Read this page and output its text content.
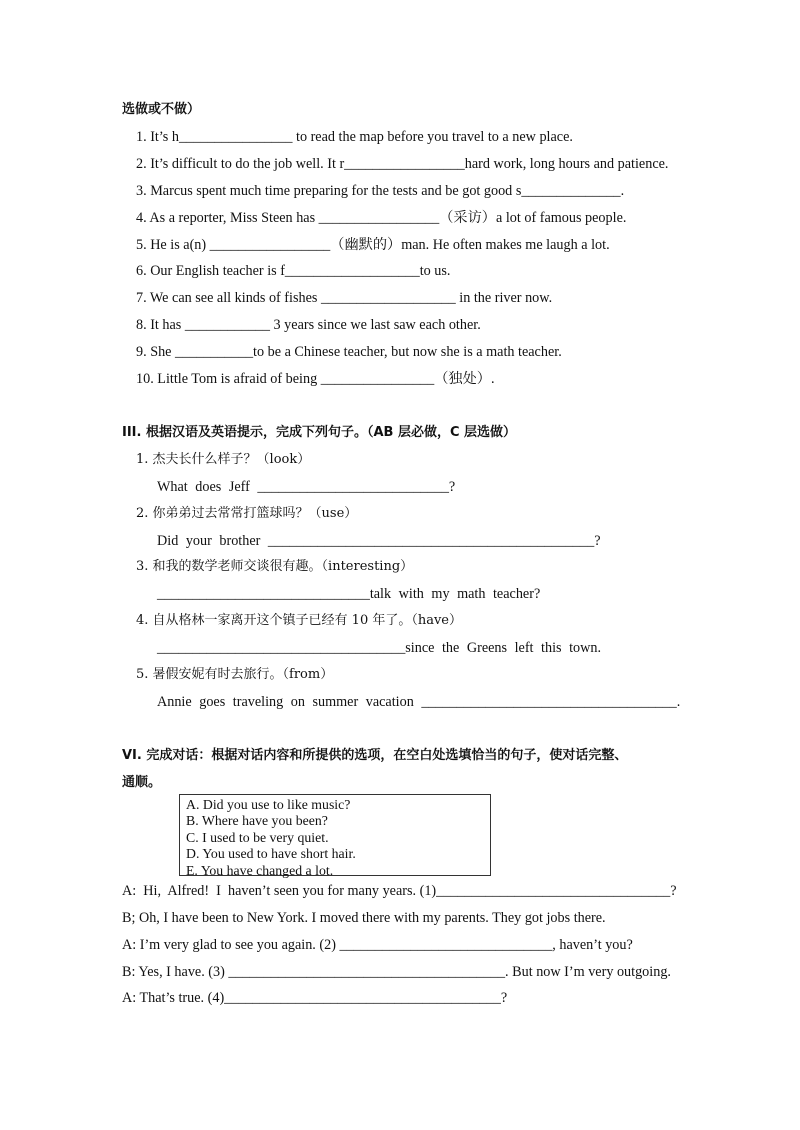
选做或不做）
1. It’s h________________ to read the map before you travel to a new place.
2. It’s difficult to do the job well. It r_________________hard work, long hours and patience.
3. Marcus spent much time preparing for the tests and be got good s______________.
4. As a reporter, Miss Steen has _________________（采访）a lot of famous people.
5. He is a(n) _________________（幽默的）man. He often makes me laugh a lot.
6. Our English teacher is f___________________to us.
7. We can see all kinds of fishes ___________________ in the river now.
8. It has ____________ 3 years since we last saw each other.
9. She ___________to be a Chinese teacher, but now she is a math teacher.
10. Little Tom is afraid of being ________________（独处）.
III. 根据汉语及英语提示，完成下列句子。（AB 层必做，C 层选做）
1. 杰夫长什么样子？（look）
What does Jeff ___________________________?
2. 你弟弟过去常常打篮球吗？（use）
Did your brother ______________________________________________?
3. 和我的数学老师交谈很有趣。（interesting）
______________________________talk with my math teacher?
4. 自从格林一家离开这个镇子已经有 10 年了。（have）
___________________________________since the Greens left this town.
5. 暑假安妮有时去旅行。（from）
Annie goes traveling on summer vacation ____________________________________.
VI. 完成对话：根据对话内容和所提供的选项，在空白处选填恰当的句子，使对话完整、
通顺。
A. Did you use to like music?
B. Where have you been?
C. I used to be very quiet.
D. You used to have short hair.
E. You have changed a lot.
A:  Hi,  Alfred!  I  haven’t seen you for many years. (1)_________________________________?
B; Oh, I have been to New York. I moved there with my parents. They got jobs there.
A: I’m very glad to see you again. (2) ______________________________, haven’t you?
B: Yes, I have. (3) _______________________________________. But now I’m very outgoing.
A: That’s true. (4)_______________________________________?
